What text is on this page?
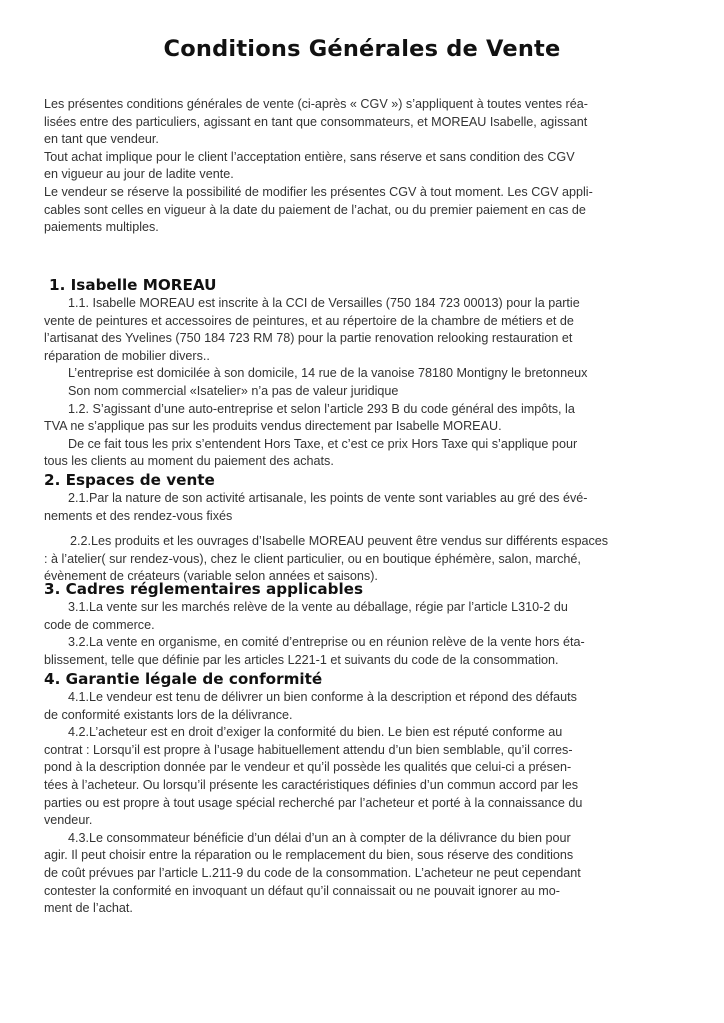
Conditions Générales de Vente
Les présentes conditions générales de vente (ci-après « CGV ») s’appliquent à toutes ventes réa-
lisées entre des particuliers, agissant en tant que consommateurs, et MOREAU Isabelle, agissant
en tant que vendeur.
Tout achat implique pour le client l’acceptation entière, sans réserve et sans condition des CGV
en vigueur au jour de ladite vente.
Le vendeur se réserve la possibilité de modifier les présentes CGV à tout moment. Les CGV appli-
cables sont celles en vigueur à la date du paiement de l’achat, ou du premier paiement en cas de
paiements multiples.
1. Isabelle MOREAU
1.1. Isabelle MOREAU est inscrite à la CCI de Versailles (750 184 723 00013) pour la partie
vente de peintures et accessoires de peintures, et au répertoire de la chambre de métiers et de
l’artisanat des Yvelines (750 184 723 RM 78) pour la partie renovation relooking restauration et
réparation de mobilier divers..
L’entreprise est domicilée à son domicile, 14 rue de la vanoise 78180 Montigny le bretonneux
Son nom commercial «Isatelier» n’a pas de valeur juridique
1.2. S’agissant d’une auto-entreprise et selon l’article 293 B du code général des impôts, la
TVA ne s’applique pas sur les produits vendus directement par Isabelle MOREAU.
De ce fait tous les prix s’entendent Hors Taxe, et c’est ce prix Hors Taxe qui s’applique pour
tous les clients au moment du paiement des achats.
2. Espaces de vente
2.1.Par la nature de son activité artisanale, les points de vente sont variables au gré des évé-
nements et des rendez-vous fixés
2.2.Les produits et les ouvrages d’Isabelle MOREAU peuvent être vendus sur différents espaces
: à l’atelier( sur rendez-vous), chez le client particulier, ou en boutique éphémère, salon, marché,
évènement de créateurs (variable selon années et saisons).
3. Cadres réglementaires applicables
3.1.La vente sur les marchés relève de la vente au déballage, régie par l’article L310-2 du
code de commerce.
3.2.La vente en organisme, en comité d’entreprise ou en réunion relève de la vente hors éta-
blissement, telle que définie par les articles L221-1 et suivants du code de la consommation.
4. Garantie légale de conformité
4.1.Le vendeur est tenu de délivrer un bien conforme à la description et répond des défauts
de conformité existants lors de la délivrance.
4.2.L’acheteur est en droit d’exiger la conformité du bien. Le bien est réputé conforme au
contrat : Lorsqu’il est propre à l’usage habituellement attendu d’un bien semblable, qu’il corres-
pond à la description donnée par le vendeur et qu’il possède les qualités que celui-ci a présen-
tées à l’acheteur. Ou lorsqu’il présente les caractéristiques définies d’un commun accord par les
parties ou est propre à tout usage spécial recherché par l’acheteur et porté à la connaissance du
vendeur.
4.3.Le consommateur bénéficie d’un délai d’un an à compter de la délivrance du bien pour
agir. Il peut choisir entre la réparation ou le remplacement du bien, sous réserve des conditions
de coût prévues par l’article L.211-9 du code de la consommation. L’acheteur ne peut cependant
contester la conformité en invoquant un défaut qu’il connaissait ou ne pouvait ignorer au mo-
ment de l’achat.
